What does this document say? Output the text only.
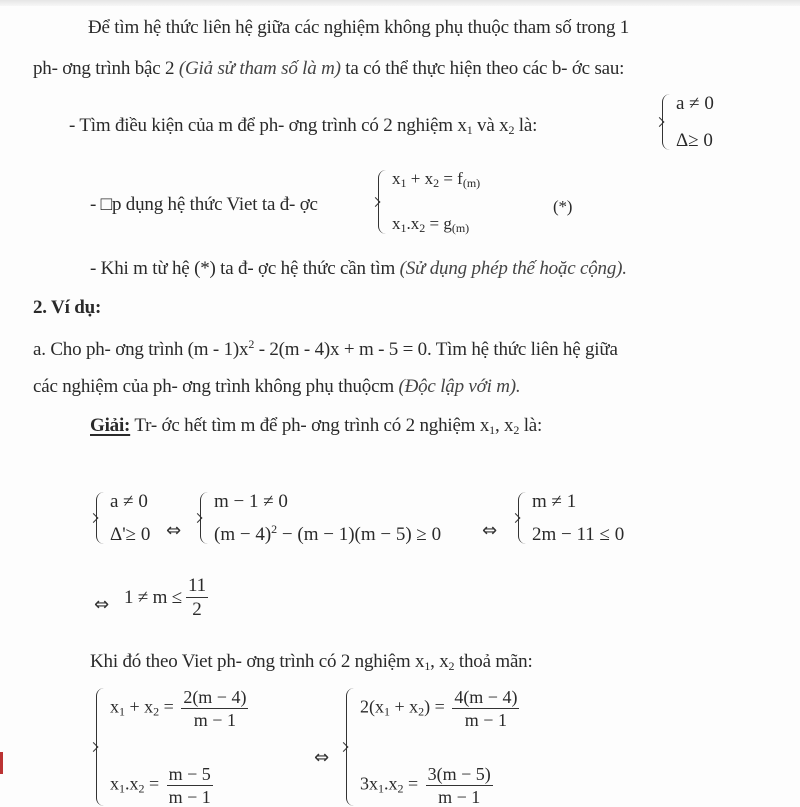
Để tìm hệ thức liên hệ giữa các nghiệm không phụ thuộc tham số trong 1
ph- ơng trình bậc 2 (Giả sử tham số là m) ta có thể thực hiện theo các b- ớc sau:
- Tìm điều kiện của m để ph- ơng trình có 2 nghiệm $x_1$ và $x_2$ là:
a ≠ 0
Δ≥ 0
- □p dụng hệ thức Viet ta đ- ợc
$x_1 + x_2 = f_{(m)}$
$x_1.x_2 = g_{(m)}$
(*)
- Khi m từ hệ (*) ta đ- ợc hệ thức cần tìm (Sử dụng phép thế hoặc cộng).
2. Ví dụ:
a. Cho ph- ơng trình $(m - 1)x^2 - 2(m - 4)x + m - 5 = 0$. Tìm hệ thức liên hệ giữa
các nghiệm của ph- ơng trình không phụ thuộcm (Độc lập với m).
Giải: Tr- ớc hết tìm m để ph- ơng trình có 2 nghiệm $x_1$, $x_2$ là:
a ≠ 0
Δ'≥ 0 ⇔
m − 1 ≠ 0
$(m - 4)^2 - (m - 1)(m - 5) \ge 0$ ⇔
m ≠ 1
2m − 11 ≤ 0
⇔ $1 \ne m \le \frac{11}{2}$
Khi đó theo Viet ph- ơng trình có 2 nghiệm $x_1$, $x_2$ thoả mãn:
$x_1 + x_2 = \frac{2(m - 4)}{m - 1}$
$x_1.x_2 = \frac{m - 5}{m - 1}$
⇔
$2(x_1 + x_2) = \frac{4(m - 4)}{m - 1}$
$3x_1.x_2 = \frac{3(m - 5)}{m - 1}$
